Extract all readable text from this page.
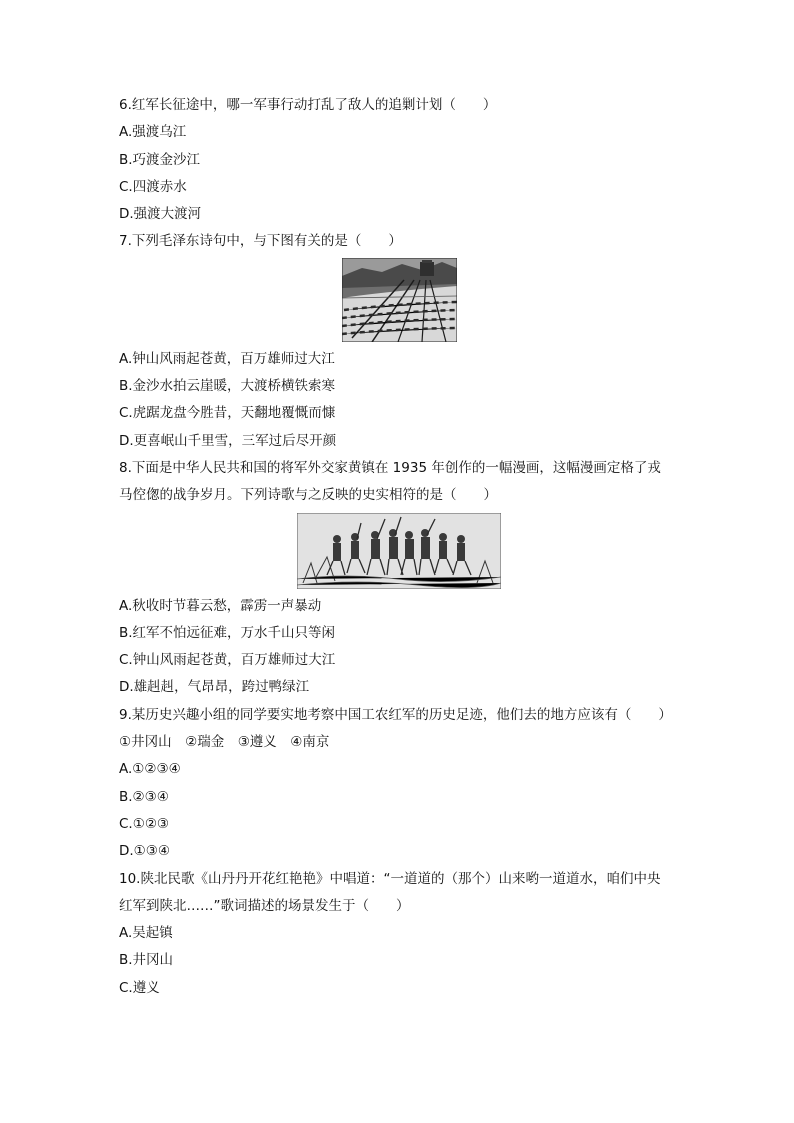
6.红军长征途中，哪一军事行动打乱了敌人的追剿计划（　　）
A.强渡乌江
B.巧渡金沙江
C.四渡赤水
D.强渡大渡河
7.下列毛泽东诗句中，与下图有关的是（　　）
A.钟山风雨起苍黄，百万雄师过大江
B.金沙水拍云崖暖，大渡桥横铁索寒
C.虎踞龙盘今胜昔，天翻地覆慨而慷
D.更喜岷山千里雪，三军过后尽开颜
8.下面是中华人民共和国的将军外交家黄镇在 1935 年创作的一幅漫画，这幅漫画定格了戎
马倥偬的战争岁月。下列诗歌与之反映的史实相符的是（　　）
A.秋收时节暮云愁，霹雳一声暴动
B.红军不怕远征难，万水千山只等闲
C.钟山风雨起苍黄，百万雄师过大江
D.雄赳赳，气昂昂，跨过鸭绿江
9.某历史兴趣小组的同学要实地考察中国工农红军的历史足迹，他们去的地方应该有（　　）
①井冈山　②瑞金　③遵义　④南京
A.①②③④
B.②③④
C.①②③
D.①③④
10.陕北民歌《山丹丹开花红艳艳》中唱道：“一道道的（那个）山来哟一道道水，咱们中央
红军到陕北……”歌词描述的场景发生于（　　）
A.吴起镇
B.井冈山
C.遵义
